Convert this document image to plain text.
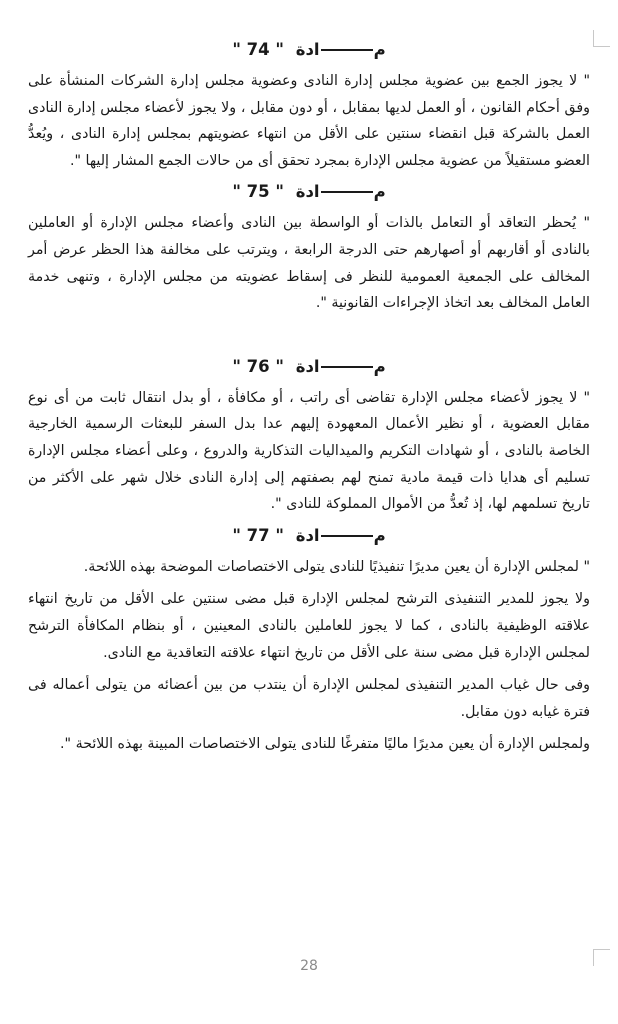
مادة " 74 "

" لا يجوز الجمع بين عضوية مجلس إدارة النادى وعضوية مجلس إدارة الشركات المنشأة على وفق أحكام القانون ، أو العمل لديها بمقابل ، أو دون مقابل ، ولا يجوز لأعضاء مجلس إدارة النادى العمل بالشركة قبل انقضاء سنتين على الأقل من انتهاء عضويتهم بمجلس إدارة النادى ، ويُعدُّ العضو مستقيلاً من عضوية مجلس الإدارة بمجرد تحقق أى من حالات الجمع المشار إليها ".

مادة " 75 "

" يُحظر التعاقد أو التعامل بالذات أو الواسطة بين النادى وأعضاء مجلس الإدارة أو العاملين بالنادى أو أقاربهم أو أصهارهم حتى الدرجة الرابعة ، ويترتب على مخالفة هذا الحظر عرض أمر المخالف على الجمعية العمومية للنظر فى إسقاط عضويته من مجلس الإدارة ، وتنهى خدمة العامل المخالف بعد اتخاذ الإجراءات القانونية ".

مادة " 76 "

" لا يجوز لأعضاء مجلس الإدارة تقاضى أى راتب ، أو مكافأة ، أو بدل انتقال ثابت من أى نوع مقابل العضوية ، أو نظير الأعمال المعهودة إليهم عدا بدل السفر للبعثات الرسمية الخارجية الخاصة بالنادى ، أو شهادات التكريم والميداليات التذكارية والدروع ، وعلى أعضاء مجلس الإدارة تسليم أى هدايا ذات قيمة مادية تمنح لهم بصفتهم إلى إدارة النادى خلال شهر على الأكثر من تاريخ تسلمهم لها، إذ تُعدُّ من الأموال المملوكة للنادى ".

مادة " 77 "

" لمجلس الإدارة أن يعين مديرًا تنفيذيًا للنادى يتولى الاختصاصات الموضحة بهذه اللائحة.

ولا يجوز للمدير التنفيذى الترشح لمجلس الإدارة قبل مضى سنتين على الأقل من تاريخ انتهاء علاقته الوظيفية بالنادى ، كما لا يجوز للعاملين بالنادى المعينين ، أو بنظام المكافأة الترشح لمجلس الإدارة قبل مضى سنة على الأقل من تاريخ انتهاء علاقته التعاقدية مع النادى.

وفى حال غياب المدير التنفيذى لمجلس الإدارة أن ينتدب من بين أعضائه من يتولى أعماله فى فترة غيابه دون مقابل.

ولمجلس الإدارة أن يعين مديرًا ماليًا متفرغًا للنادى يتولى الاختصاصات المبينة بهذه اللائحة ".

28
